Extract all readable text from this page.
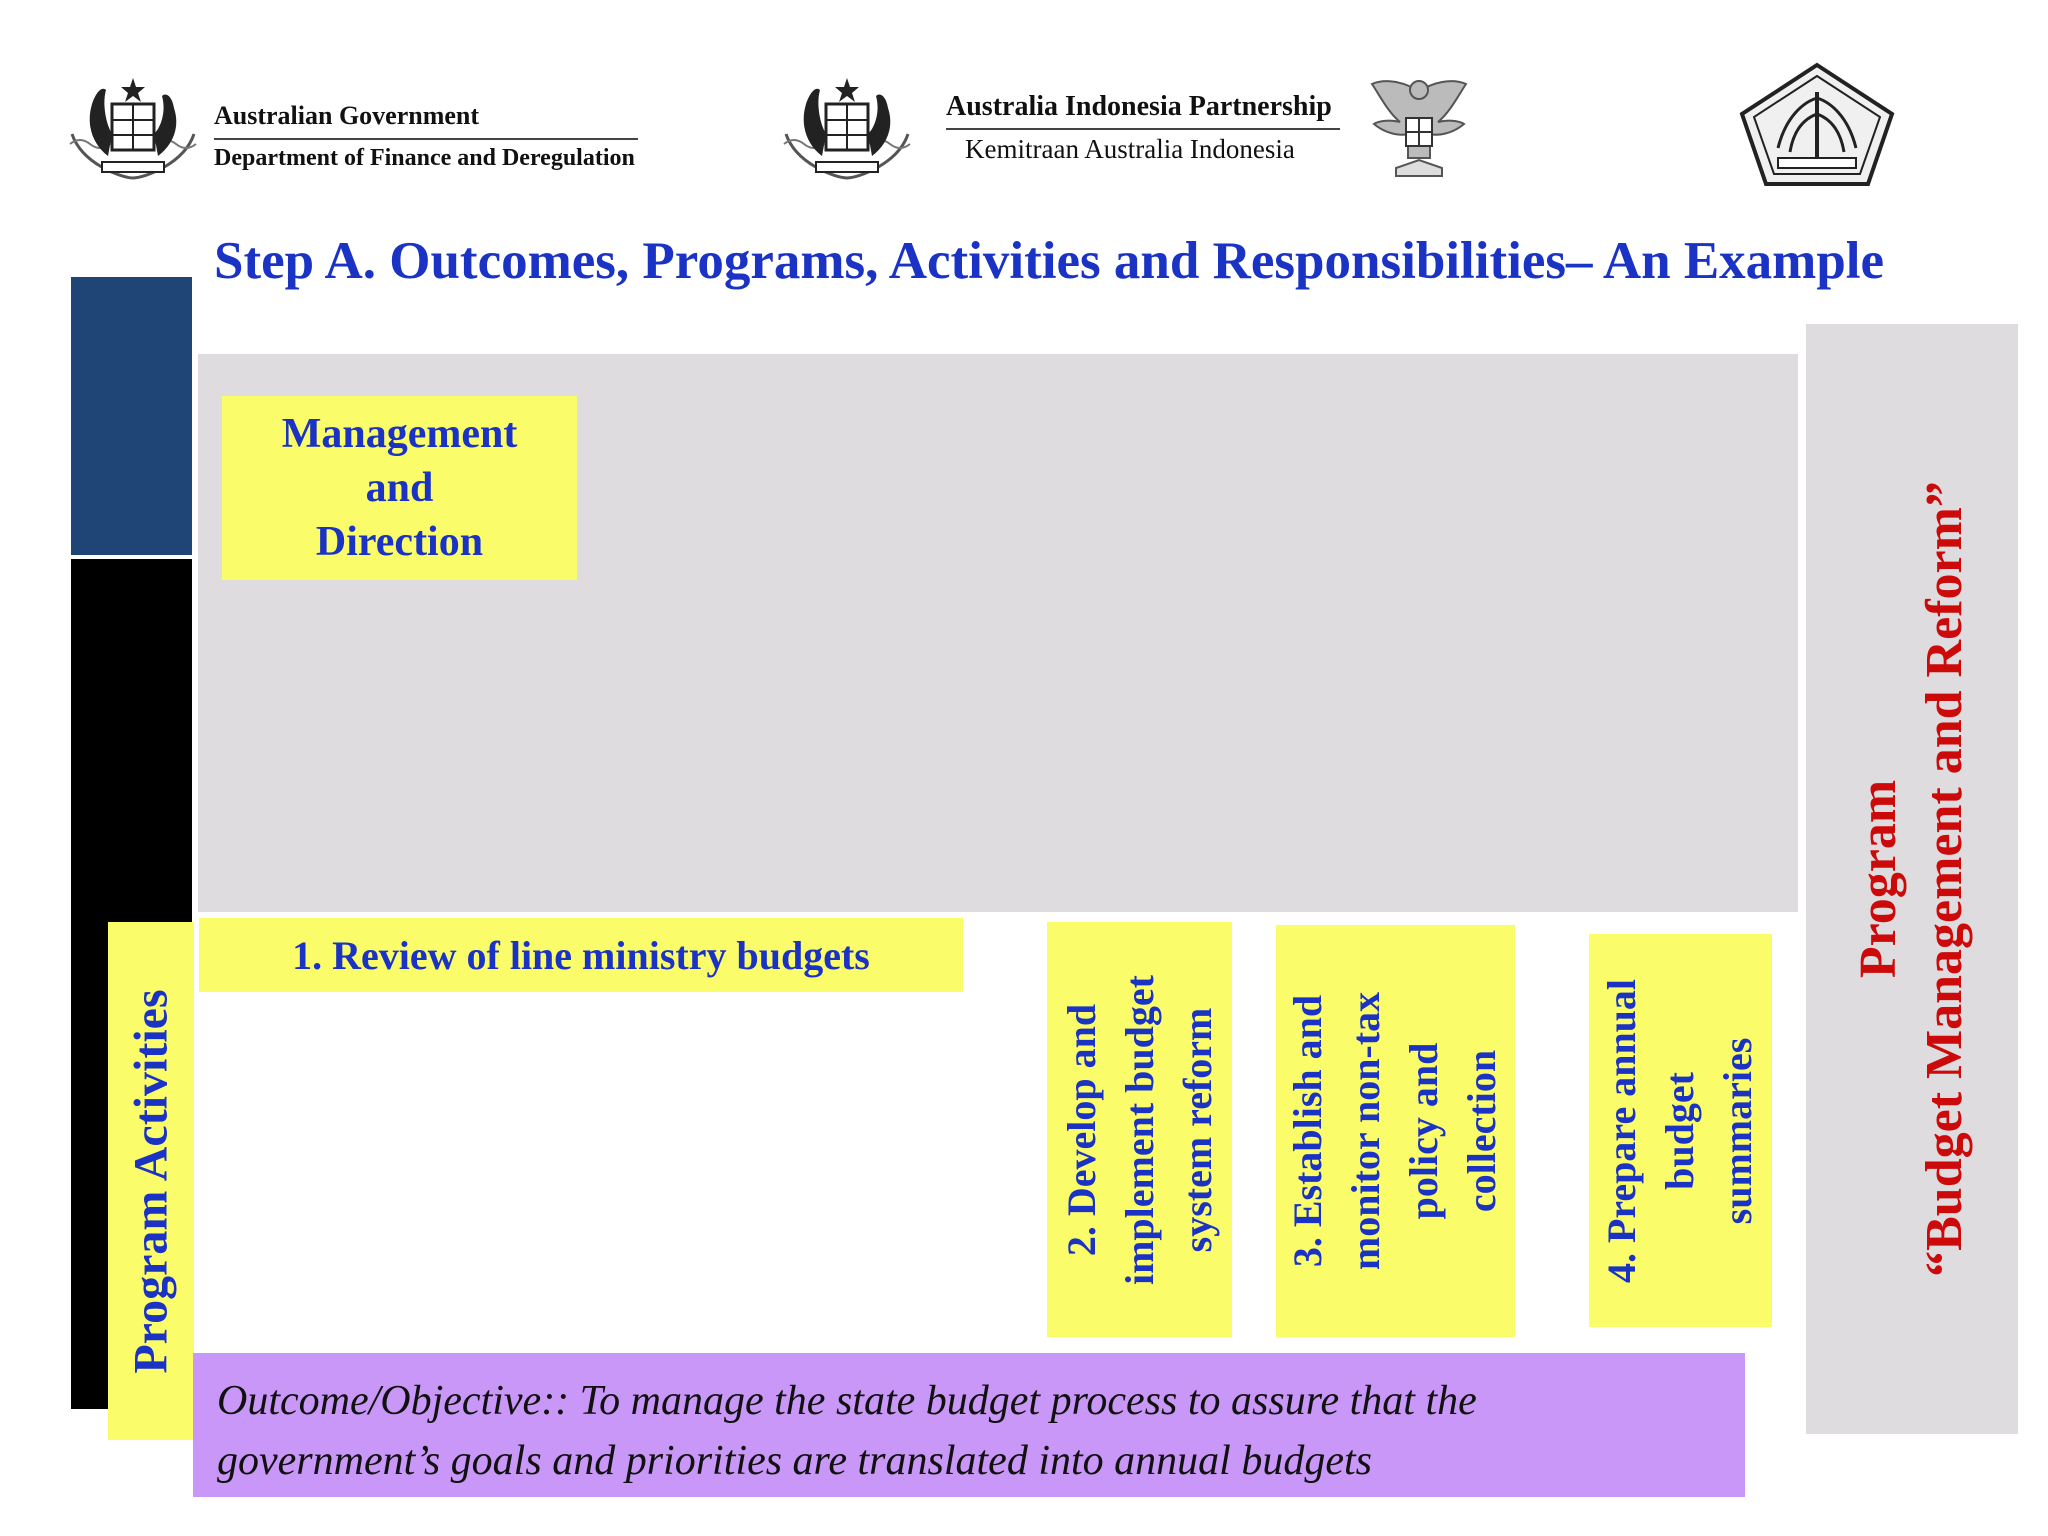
Australian Government
Department of Finance and Deregulation
Australia Indonesia Partnership
Kemitraan Australia Indonesia
Step A. Outcomes, Programs, Activities and Responsibilities– An Example
Management
and
Direction
Program Activities
1. Review of line ministry budgets
2. Develop and implement budget system reform 3. Establish and monitor non-tax policy and collection 4. Prepare annual budget summaries
Program “Budget Management and Reform”
Outcome/Objective:: To manage the state budget process to assure that the
government’s goals and priorities are translated into annual budgets
